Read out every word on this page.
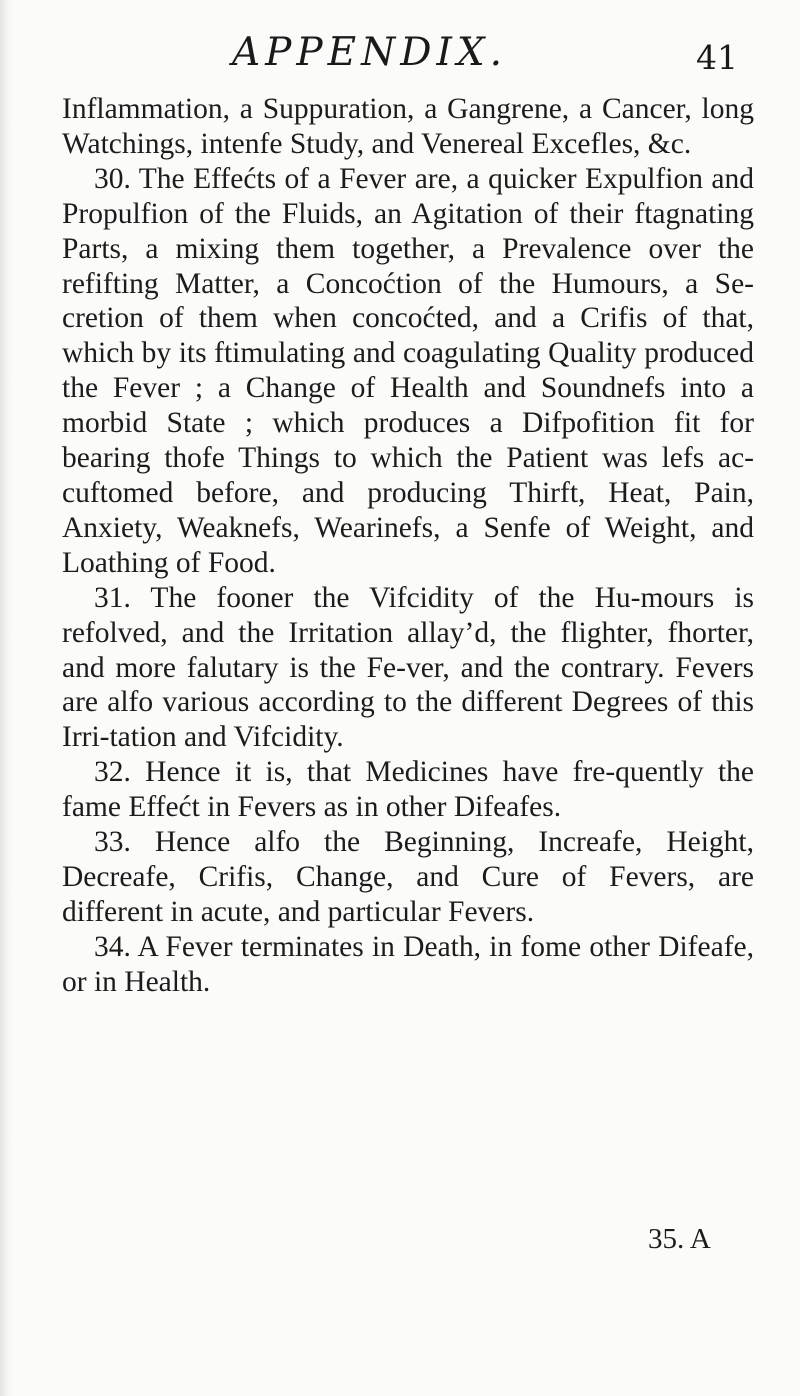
APPENDIX.	41

Inflammation, a Suppuration, a Gangrene, a Cancer, long Watchings, intenfe Study, and Venereal Excefles, &c.

30. The Effećts of a Fever are, a quicker Expulfion and Propulfion of the Fluids, an Agitation of their ftagnating Parts, a mixing them together, a Prevalence over the refifting Matter, a Concoćtion of the Humours, a Se-cretion of them when concoćted, and a Crifis of that, which by its ftimulating and coagulating Quality produced the Fever ; a Change of Health and Soundnefs into a morbid State ; which produces a Difpofition fit for bearing thofe Things to which the Patient was lefs ac-cuftomed before, and producing Thirft, Heat, Pain, Anxiety, Weaknefs, Wearinefs, a Senfe of Weight, and Loathing of Food.

31. The fooner the Vifcidity of the Hu-mours is refolved, and the Irritation allay’d, the flighter, fhorter, and more falutary is the Fe-ver, and the contrary. Fevers are alfo various according to the different Degrees of this Irri-tation and Vifcidity.

32. Hence it is, that Medicines have fre-quently the fame Effećt in Fevers as in other Difeafes.

33. Hence alfo the Beginning, Increafe, Height, Decreafe, Crifis, Change, and Cure of Fevers, are different in acute, and particular Fevers.

34. A Fever terminates in Death, in fome other Difeafe, or in Health.

35. A
